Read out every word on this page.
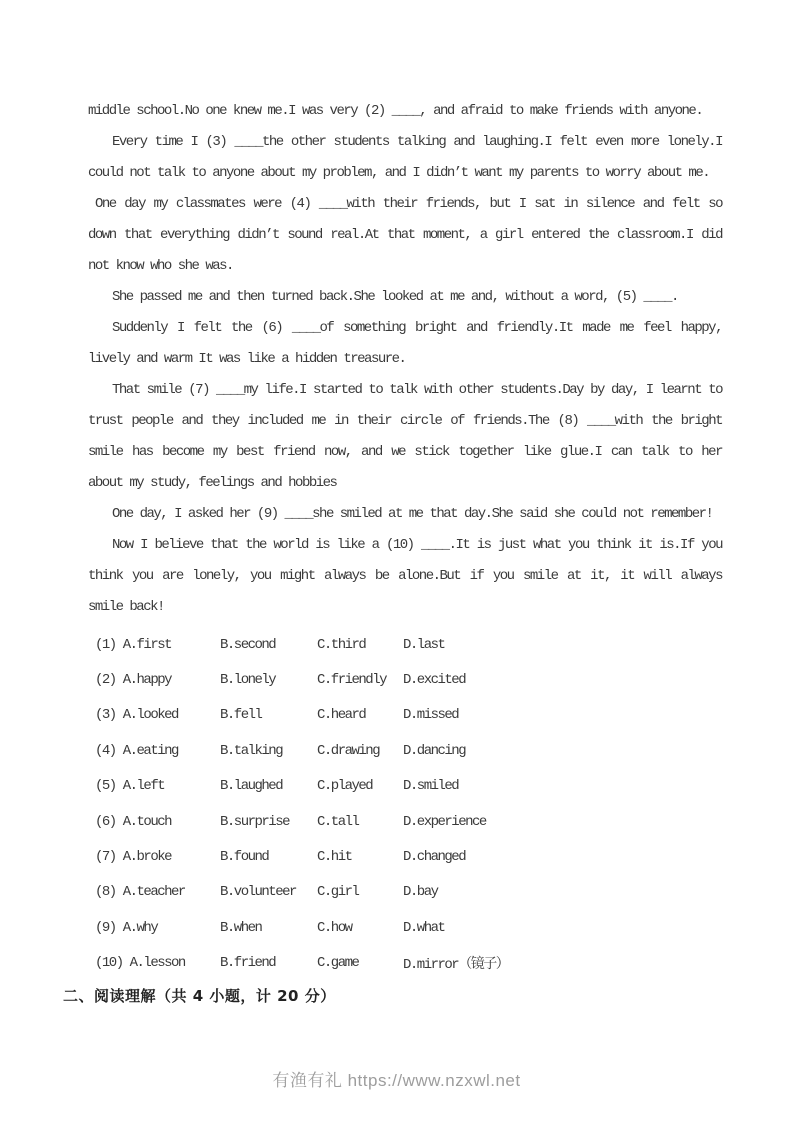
middle school.No one knew me.I was very (2) ____, and afraid to make friends with anyone.

Every time I (3) ____the other students talking and laughing.I felt even more lonely.I could not talk to anyone about my problem, and I didn’t want my parents to worry about me.

One day my classmates were (4) ____with their friends, but I sat in silence and felt so down that everything didn’t sound real.At that moment, a girl entered the classroom.I did not know who she was.

She passed me and then turned back.She looked at me and, without a word, (5) ____.

Suddenly I felt the (6) ____of something bright and friendly.It made me feel happy, lively and warm It was like a hidden treasure.

That smile (7) ____my life.I started to talk with other students.Day by day, I learnt to trust people and they included me in their circle of friends.The (8) ____with the bright smile has become my best friend now, and we stick together like glue.I can talk to her about my study, feelings and hobbies

One day, I asked her (9) ____she smiled at me that day.She said she could not remember!

Now I believe that the world is like a (10) ____.It is just what you think it is.If you think you are lonely, you might always be alone.But if you smile at it, it will always smile back!

(1) A.first	B.second	C.third	D.last
(2) A.happy	B.lonely	C.friendly	D.excited
(3) A.looked	B.fell	C.heard	D.missed
(4) A.eating	B.talking	C.drawing	D.dancing
(5) A.left	B.laughed	C.played	D.smiled
(6) A.touch	B.surprise	C.tall	D.experience
(7) A.broke	B.found	C.hit	D.changed
(8) A.teacher	B.volunteer	C.girl	D.bay
(9) A.why	B.when	C.how	D.what
(10) A.lesson	B.friend	C.game	D.mirror（镜子）
二、阅读理解（共 4 小题，计 20 分）
有渔有礼 https://www.nzxwl.net
